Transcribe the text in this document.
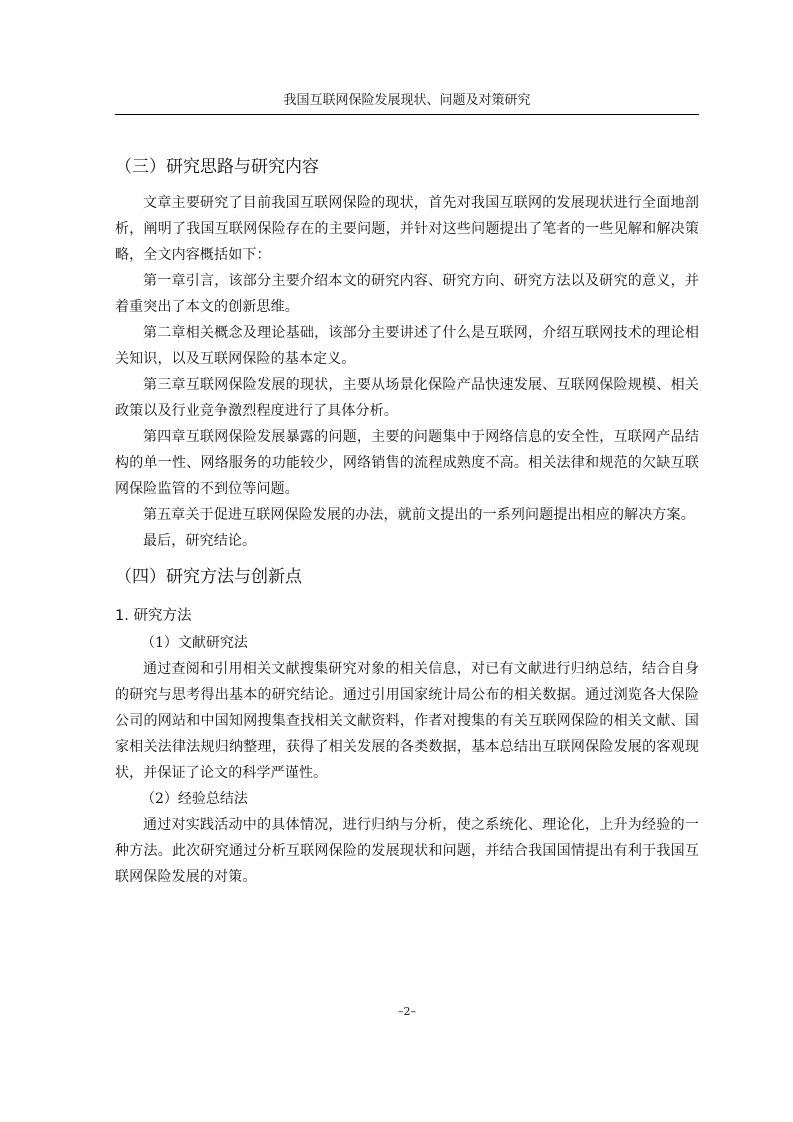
我国互联网保险发展现状、问题及对策研究
（三）研究思路与研究内容

文章主要研究了目前我国互联网保险的现状，首先对我国互联网的发展现状进行全面地剖析，阐明了我国互联网保险存在的主要问题，并针对这些问题提出了笔者的一些见解和解决策略，全文内容概括如下：

第一章引言，该部分主要介绍本文的研究内容、研究方向、研究方法以及研究的意义，并着重突出了本文的创新思维。

第二章相关概念及理论基础，该部分主要讲述了什么是互联网，介绍互联网技术的理论相关知识，以及互联网保险的基本定义。

第三章互联网保险发展的现状，主要从场景化保险产品快速发展、互联网保险规模、相关政策以及行业竞争激烈程度进行了具体分析。

第四章互联网保险发展暴露的问题，主要的问题集中于网络信息的安全性，互联网产品结构的单一性、网络服务的功能较少，网络销售的流程成熟度不高。相关法律和规范的欠缺互联网保险监管的不到位等问题。

第五章关于促进互联网保险发展的办法，就前文提出的一系列问题提出相应的解决方案。

最后，研究结论。

（四）研究方法与创新点
1. 研究方法

（1）文献研究法

通过查阅和引用相关文献搜集研究对象的相关信息，对已有文献进行归纳总结，结合自身的研究与思考得出基本的研究结论。通过引用国家统计局公布的相关数据。通过浏览各大保险公司的网站和中国知网搜集查找相关文献资料，作者对搜集的有关互联网保险的相关文献、国家相关法律法规归纳整理，获得了相关发展的各类数据，基本总结出互联网保险发展的客观现状，并保证了论文的科学严谨性。

（2）经验总结法

通过对实践活动中的具体情况，进行归纳与分析，使之系统化、理论化，上升为经验的一种方法。此次研究通过分析互联网保险的发展现状和问题，并结合我国国情提出有利于我国互联网保险发展的对策。

–2–
